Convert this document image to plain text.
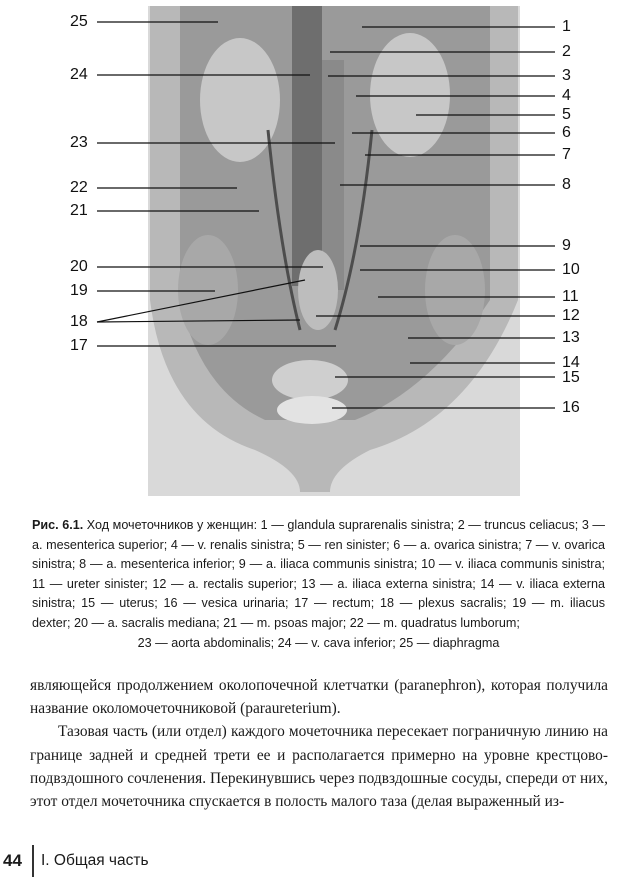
25
24
23
22
21
20
19
18
17
1
2
3
4
5
6
7
8
9
10
11
12
13
14
15
16
Рис. 6.1. Ход мочеточников у женщин: 1 — glandula suprarenalis sinistra; 2 — truncus celiacus; 3 — a. mesenterica superior; 4 — v. renalis sinistra; 5 — ren sinister; 6 — a. ovarica sinistra; 7 — v. ovarica sinistra; 8 — a. mesenterica inferior; 9 — a. iliaca communis sinistra; 10 — v. iliaca communis sinistra; 11 — ureter sinister; 12 — a. rectalis superior; 13 — a. iliaca externa sinistra; 14 — v. iliaca externa sinistra; 15 — uterus; 16 — vesica urinaria; 17 — rectum; 18 — plexus sacralis; 19 — m. iliacus dexter; 20 — a. sacralis mediana; 21 — m. psoas major; 22 — m. quadratus lumborum;
23 — aorta abdominalis; 24 — v. cava inferior; 25 — diaphragma

являющейся продолжением околопочечной клетчатки (paranephron), которая получила название околомочеточниковой (paraureterium).

Тазовая часть (или отдел) каждого мочеточника пересекает пограничную линию на границе задней и средней трети ее и располагается примерно на уровне крестцово-подвздошного сочленения. Перекинувшись через подвздошные сосуды, спереди от них, этот отдел мочеточника спускается в полость малого таза (делая выраженный из-

44 I. Общая часть
